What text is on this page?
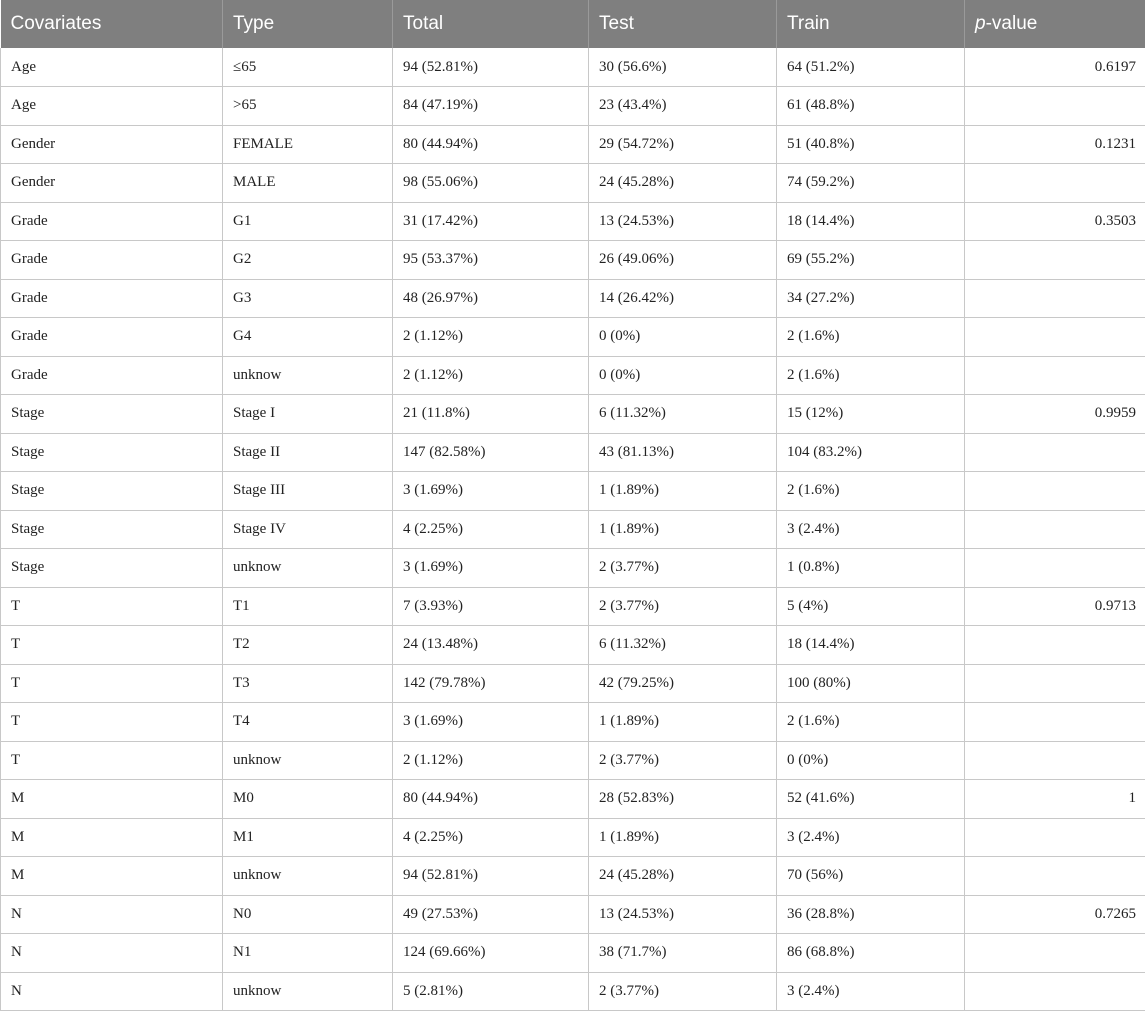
Covariates	Type	Total	Test	Train	p-value
Age	≤65	94 (52.81%)	30 (56.6%)	64 (51.2%)	0.6197
Age	>65	84 (47.19%)	23 (43.4%)	61 (48.8%)	
Gender	FEMALE	80 (44.94%)	29 (54.72%)	51 (40.8%)	0.1231
Gender	MALE	98 (55.06%)	24 (45.28%)	74 (59.2%)	
Grade	G1	31 (17.42%)	13 (24.53%)	18 (14.4%)	0.3503
Grade	G2	95 (53.37%)	26 (49.06%)	69 (55.2%)	
Grade	G3	48 (26.97%)	14 (26.42%)	34 (27.2%)	
Grade	G4	2 (1.12%)	0 (0%)	2 (1.6%)	
Grade	unknow	2 (1.12%)	0 (0%)	2 (1.6%)	
Stage	Stage I	21 (11.8%)	6 (11.32%)	15 (12%)	0.9959
Stage	Stage II	147 (82.58%)	43 (81.13%)	104 (83.2%)	
Stage	Stage III	3 (1.69%)	1 (1.89%)	2 (1.6%)	
Stage	Stage IV	4 (2.25%)	1 (1.89%)	3 (2.4%)	
Stage	unknow	3 (1.69%)	2 (3.77%)	1 (0.8%)	
T	T1	7 (3.93%)	2 (3.77%)	5 (4%)	0.9713
T	T2	24 (13.48%)	6 (11.32%)	18 (14.4%)	
T	T3	142 (79.78%)	42 (79.25%)	100 (80%)	
T	T4	3 (1.69%)	1 (1.89%)	2 (1.6%)	
T	unknow	2 (1.12%)	2 (3.77%)	0 (0%)	
M	M0	80 (44.94%)	28 (52.83%)	52 (41.6%)	1
M	M1	4 (2.25%)	1 (1.89%)	3 (2.4%)	
M	unknow	94 (52.81%)	24 (45.28%)	70 (56%)	
N	N0	49 (27.53%)	13 (24.53%)	36 (28.8%)	0.7265
N	N1	124 (69.66%)	38 (71.7%)	86 (68.8%)	
N	unknow	5 (2.81%)	2 (3.77%)	3 (2.4%)	
